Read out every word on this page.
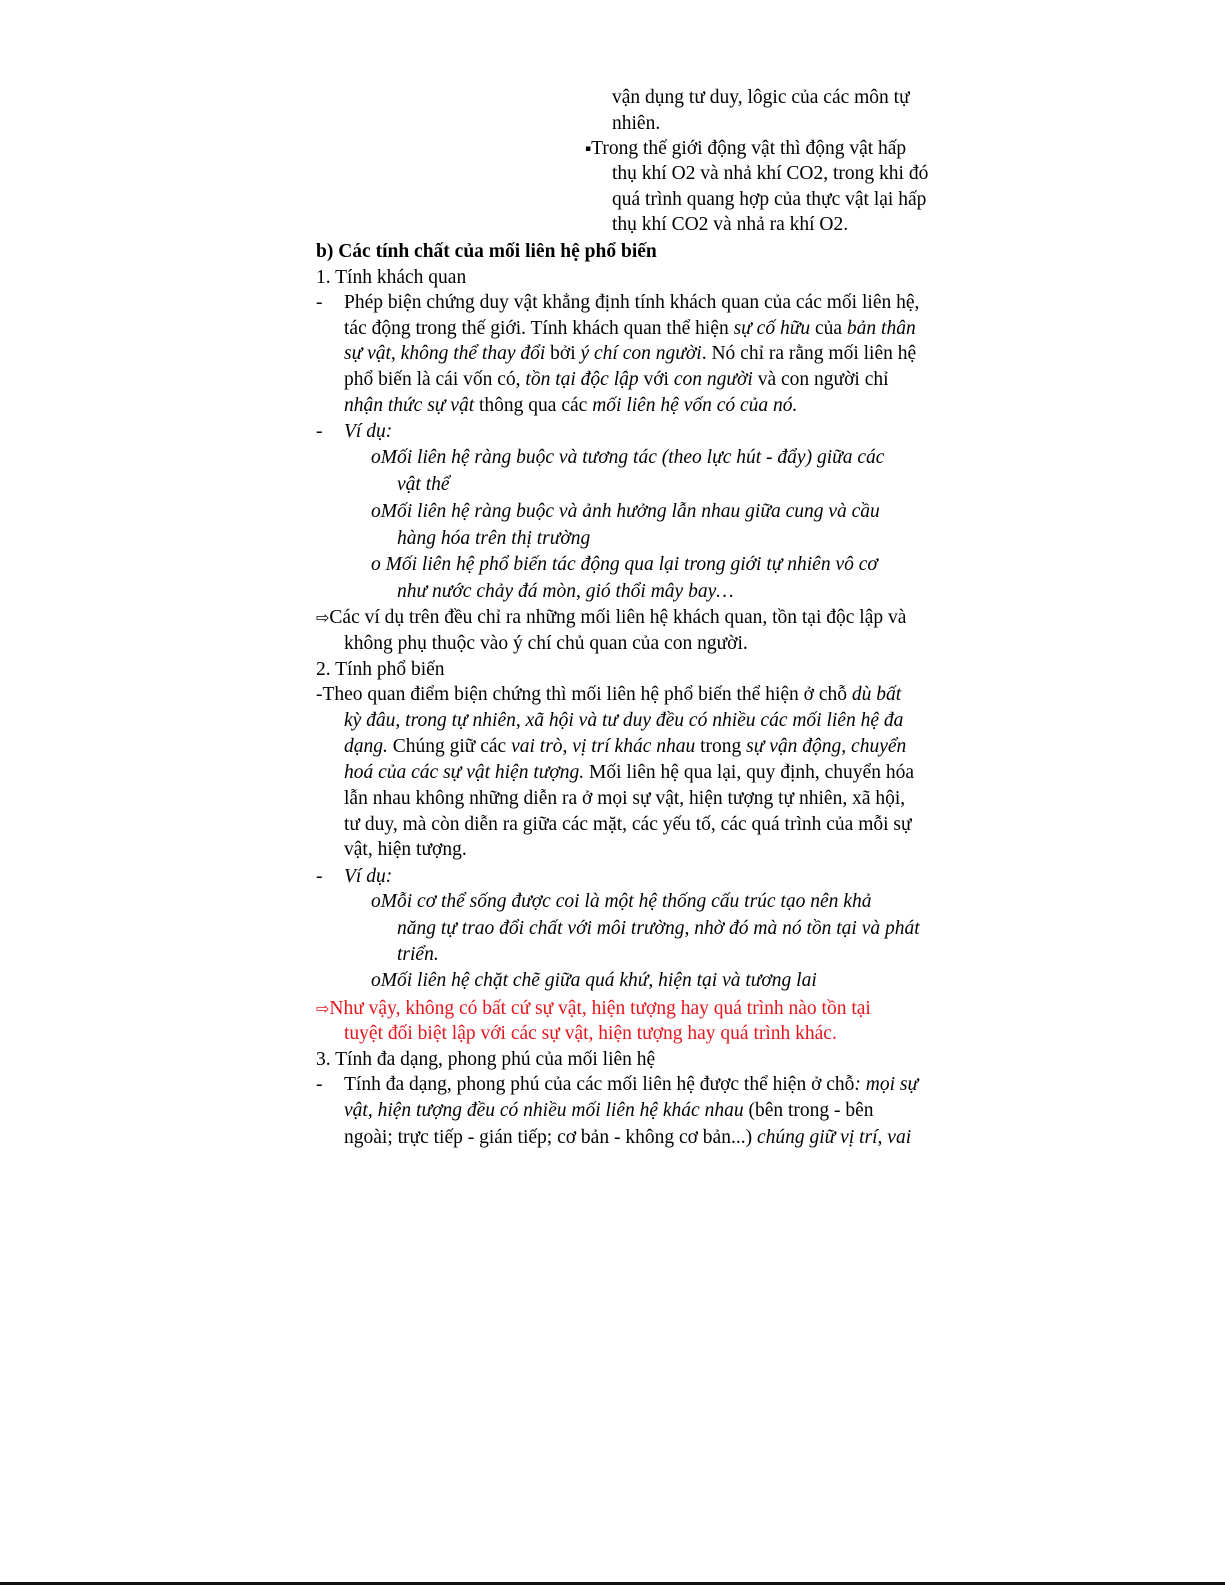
vận dụng tư duy, lôgic của các môn tự
nhiên.
▪Trong thế giới động vật thì động vật hấp
thụ khí O2 và nhả khí CO2, trong khi đó
quá trình quang hợp của thực vật lại hấp
thụ khí CO2 và nhả ra khí O2.
b) Các tính chất của mối liên hệ phổ biến
1. Tính khách quan
- Phép biện chứng duy vật khẳng định tính khách quan của các mối liên hệ,
tác động trong thế giới. Tính khách quan thể hiện sự cố hữu của bản thân
sự vật, không thể thay đổi bởi ý chí con người. Nó chỉ ra rằng mối liên hệ
phổ biến là cái vốn có, tồn tại độc lập với con người và con người chỉ
nhận thức sự vật thông qua các mối liên hệ vốn có của nó.
- Ví dụ:
oMối liên hệ ràng buộc và tương tác (theo lực hút - đẩy) giữa các
vật thể
oMối liên hệ ràng buộc và ảnh hưởng lẫn nhau giữa cung và cầu
hàng hóa trên thị trường
o Mối liên hệ phổ biến tác động qua lại trong giới tự nhiên vô cơ
như nước chảy đá mòn, gió thổi mây bay…
⇨Các ví dụ trên đều chỉ ra những mối liên hệ khách quan, tồn tại độc lập và
không phụ thuộc vào ý chí chủ quan của con người.
2. Tính phổ biến
-Theo quan điểm biện chứng thì mối liên hệ phổ biến thể hiện ở chỗ dù bất
kỳ đâu, trong tự nhiên, xã hội và tư duy đều có nhiều các mối liên hệ đa
dạng. Chúng giữ các vai trò, vị trí khác nhau trong sự vận động, chuyển
hoá của các sự vật hiện tượng. Mối liên hệ qua lại, quy định, chuyển hóa
lẫn nhau không những diễn ra ở mọi sự vật, hiện tượng tự nhiên, xã hội,
tư duy, mà còn diễn ra giữa các mặt, các yếu tố, các quá trình của mỗi sự
vật, hiện tượng.
- Ví dụ:
oMỗi cơ thể sống được coi là một hệ thống cấu trúc tạo nên khả
năng tự trao đổi chất với môi trường, nhờ đó mà nó tồn tại và phát
triển.
oMối liên hệ chặt chẽ giữa quá khứ, hiện tại và tương lai
⇨Như vậy, không có bất cứ sự vật, hiện tượng hay quá trình nào tồn tại
tuyệt đối biệt lập với các sự vật, hiện tượng hay quá trình khác.
3. Tính đa dạng, phong phú của mối liên hệ
- Tính đa dạng, phong phú của các mối liên hệ được thể hiện ở chỗ: mọi sự
vật, hiện tượng đều có nhiều mối liên hệ khác nhau (bên trong - bên
ngoài; trực tiếp - gián tiếp; cơ bản - không cơ bản...) chúng giữ vị trí, vai
